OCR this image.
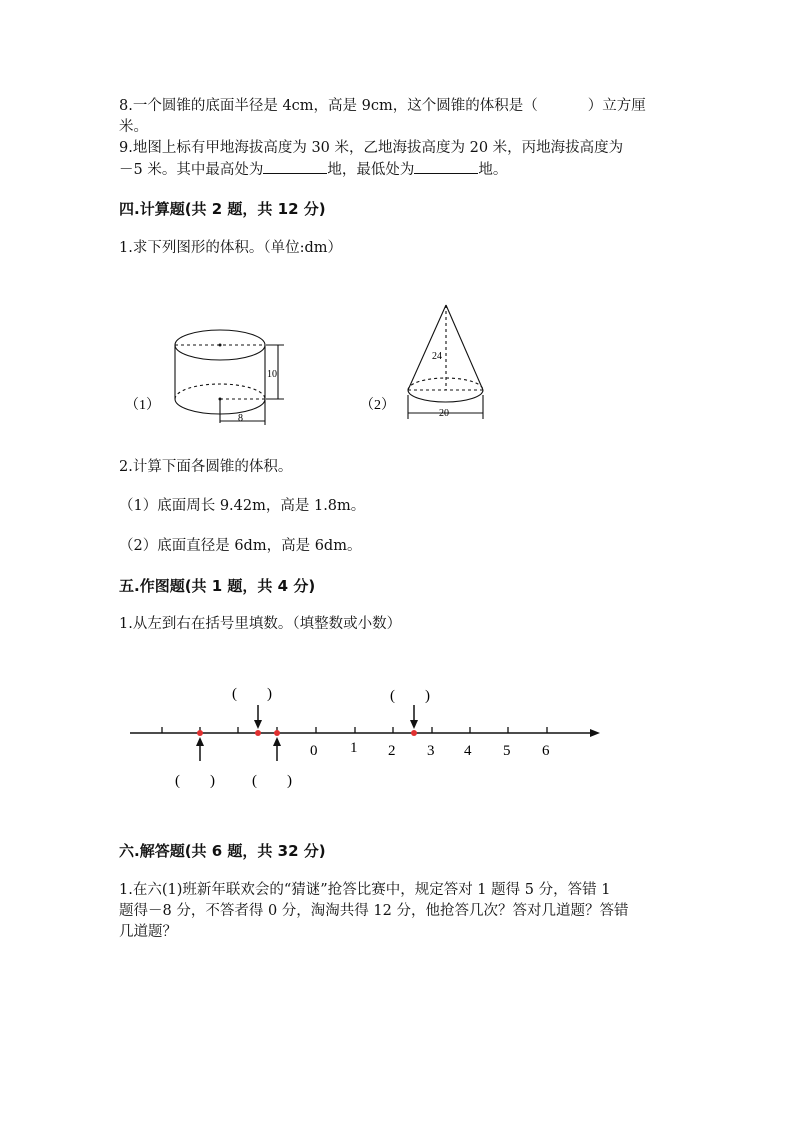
8.一个圆锥的底面半径是 4cm，高是 9cm，这个圆锥的体积是（	）立方厘
米。

9.地图上标有甲地海拔高度为 30 米，乙地海拔高度为 20 米，丙地海拔高度为
－5 米。其中最高处为	地，最低处为	地。

四.计算题(共 2 题，共 12 分)

1.求下列图形的体积。（单位:dm）

（1）
10
8
（2）
24
20

2.计算下面各圆锥的体积。

（1）底面周长 9.42m，高是 1.8m。

（2）底面直径是 6dm，高是 6dm。

五.作图题(共 1 题，共 4 分)

1.从左到右在括号里填数。（填整数或小数）

0 1 2 3 4 5 6
(        )	(        )
(        ) (        )

六.解答题(共 6 题，共 32 分)

1.在六(1)班新年联欢会的“猜谜”抢答比赛中，规定答对 1 题得 5 分，答错 1
题得－8 分，不答者得 0 分，淘淘共得 12 分，他抢答几次？答对几道题？答错
几道题？
